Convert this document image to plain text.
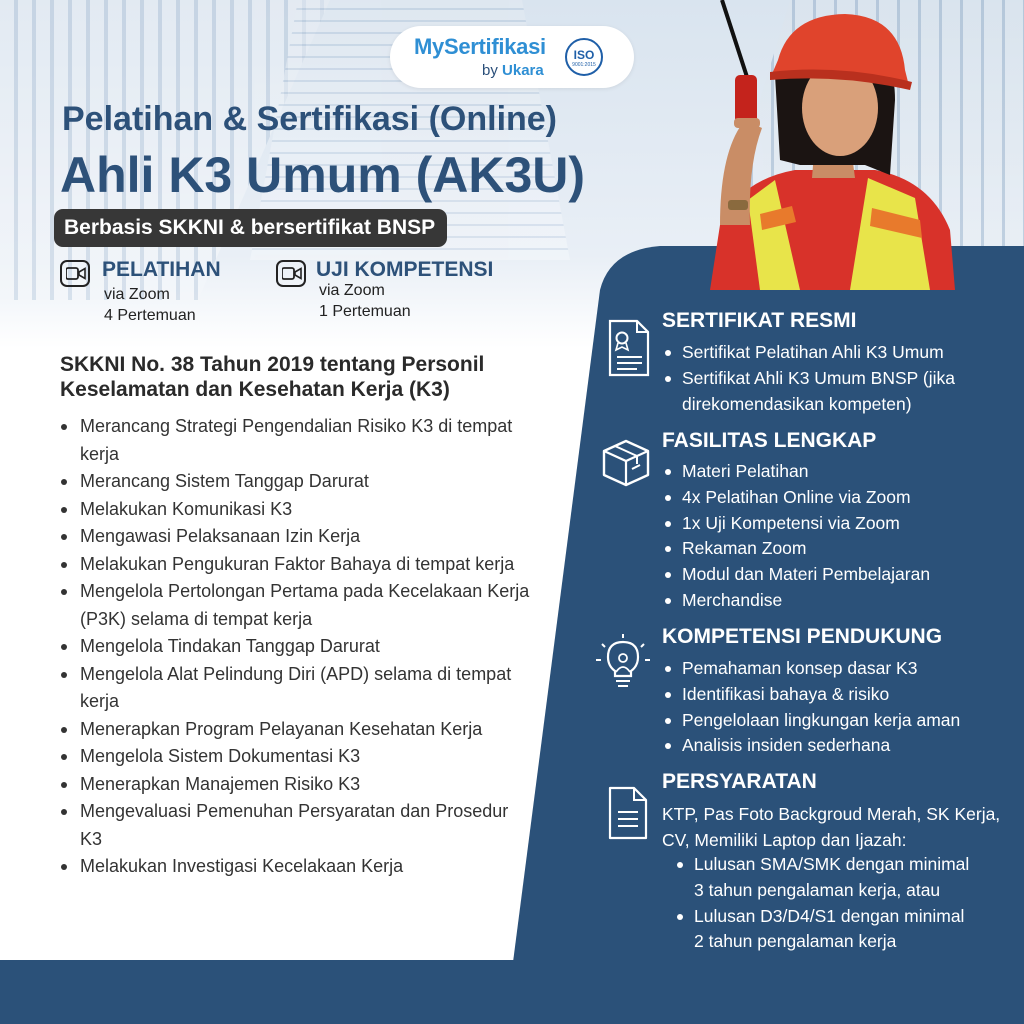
MySertifikasi
by Ukara
ISO
9001:2015
Pelatihan & Sertifikasi (Online)
Ahli K3 Umum (AK3U)
Berbasis SKKNI & bersertifikat BNSP
PELATIHAN
via Zoom
4 Pertemuan
UJI KOMPETENSI
via Zoom
1 Pertemuan
SKKNI No. 38 Tahun 2019 tentang Personil Keselamatan dan Kesehatan Kerja (K3)
Merancang Strategi Pengendalian Risiko K3 di tempat kerja
Merancang Sistem Tanggap Darurat
Melakukan Komunikasi K3
Mengawasi Pelaksanaan Izin Kerja
Melakukan Pengukuran Faktor Bahaya di tempat kerja
Mengelola Pertolongan Pertama pada Kecelakaan Kerja (P3K) selama di tempat kerja
Mengelola Tindakan Tanggap Darurat
Mengelola Alat Pelindung Diri (APD) selama di tempat kerja
Menerapkan Program Pelayanan Kesehatan Kerja
Mengelola Sistem Dokumentasi K3
Menerapkan Manajemen Risiko K3
Mengevaluasi Pemenuhan Persyaratan dan Prosedur K3
Melakukan Investigasi Kecelakaan Kerja
SERTIFIKAT RESMI
Sertifikat Pelatihan Ahli K3 Umum
Sertifikat Ahli K3 Umum BNSP (jika direkomendasikan kompeten)
FASILITAS LENGKAP
Materi Pelatihan
4x Pelatihan Online via Zoom
1x Uji Kompetensi via Zoom
Rekaman Zoom
Modul dan Materi Pembelajaran
Merchandise
KOMPETENSI PENDUKUNG
Pemahaman konsep dasar K3
Identifikasi bahaya & risiko
Pengelolaan lingkungan kerja aman
Analisis insiden sederhana
PERSYARATAN
KTP, Pas Foto Backgroud Merah, SK Kerja, CV, Memiliki Laptop dan Ijazah:
Lulusan SMA/SMK dengan minimal 3 tahun pengalaman kerja, atau
Lulusan D3/D4/S1 dengan minimal 2 tahun pengalaman kerja
